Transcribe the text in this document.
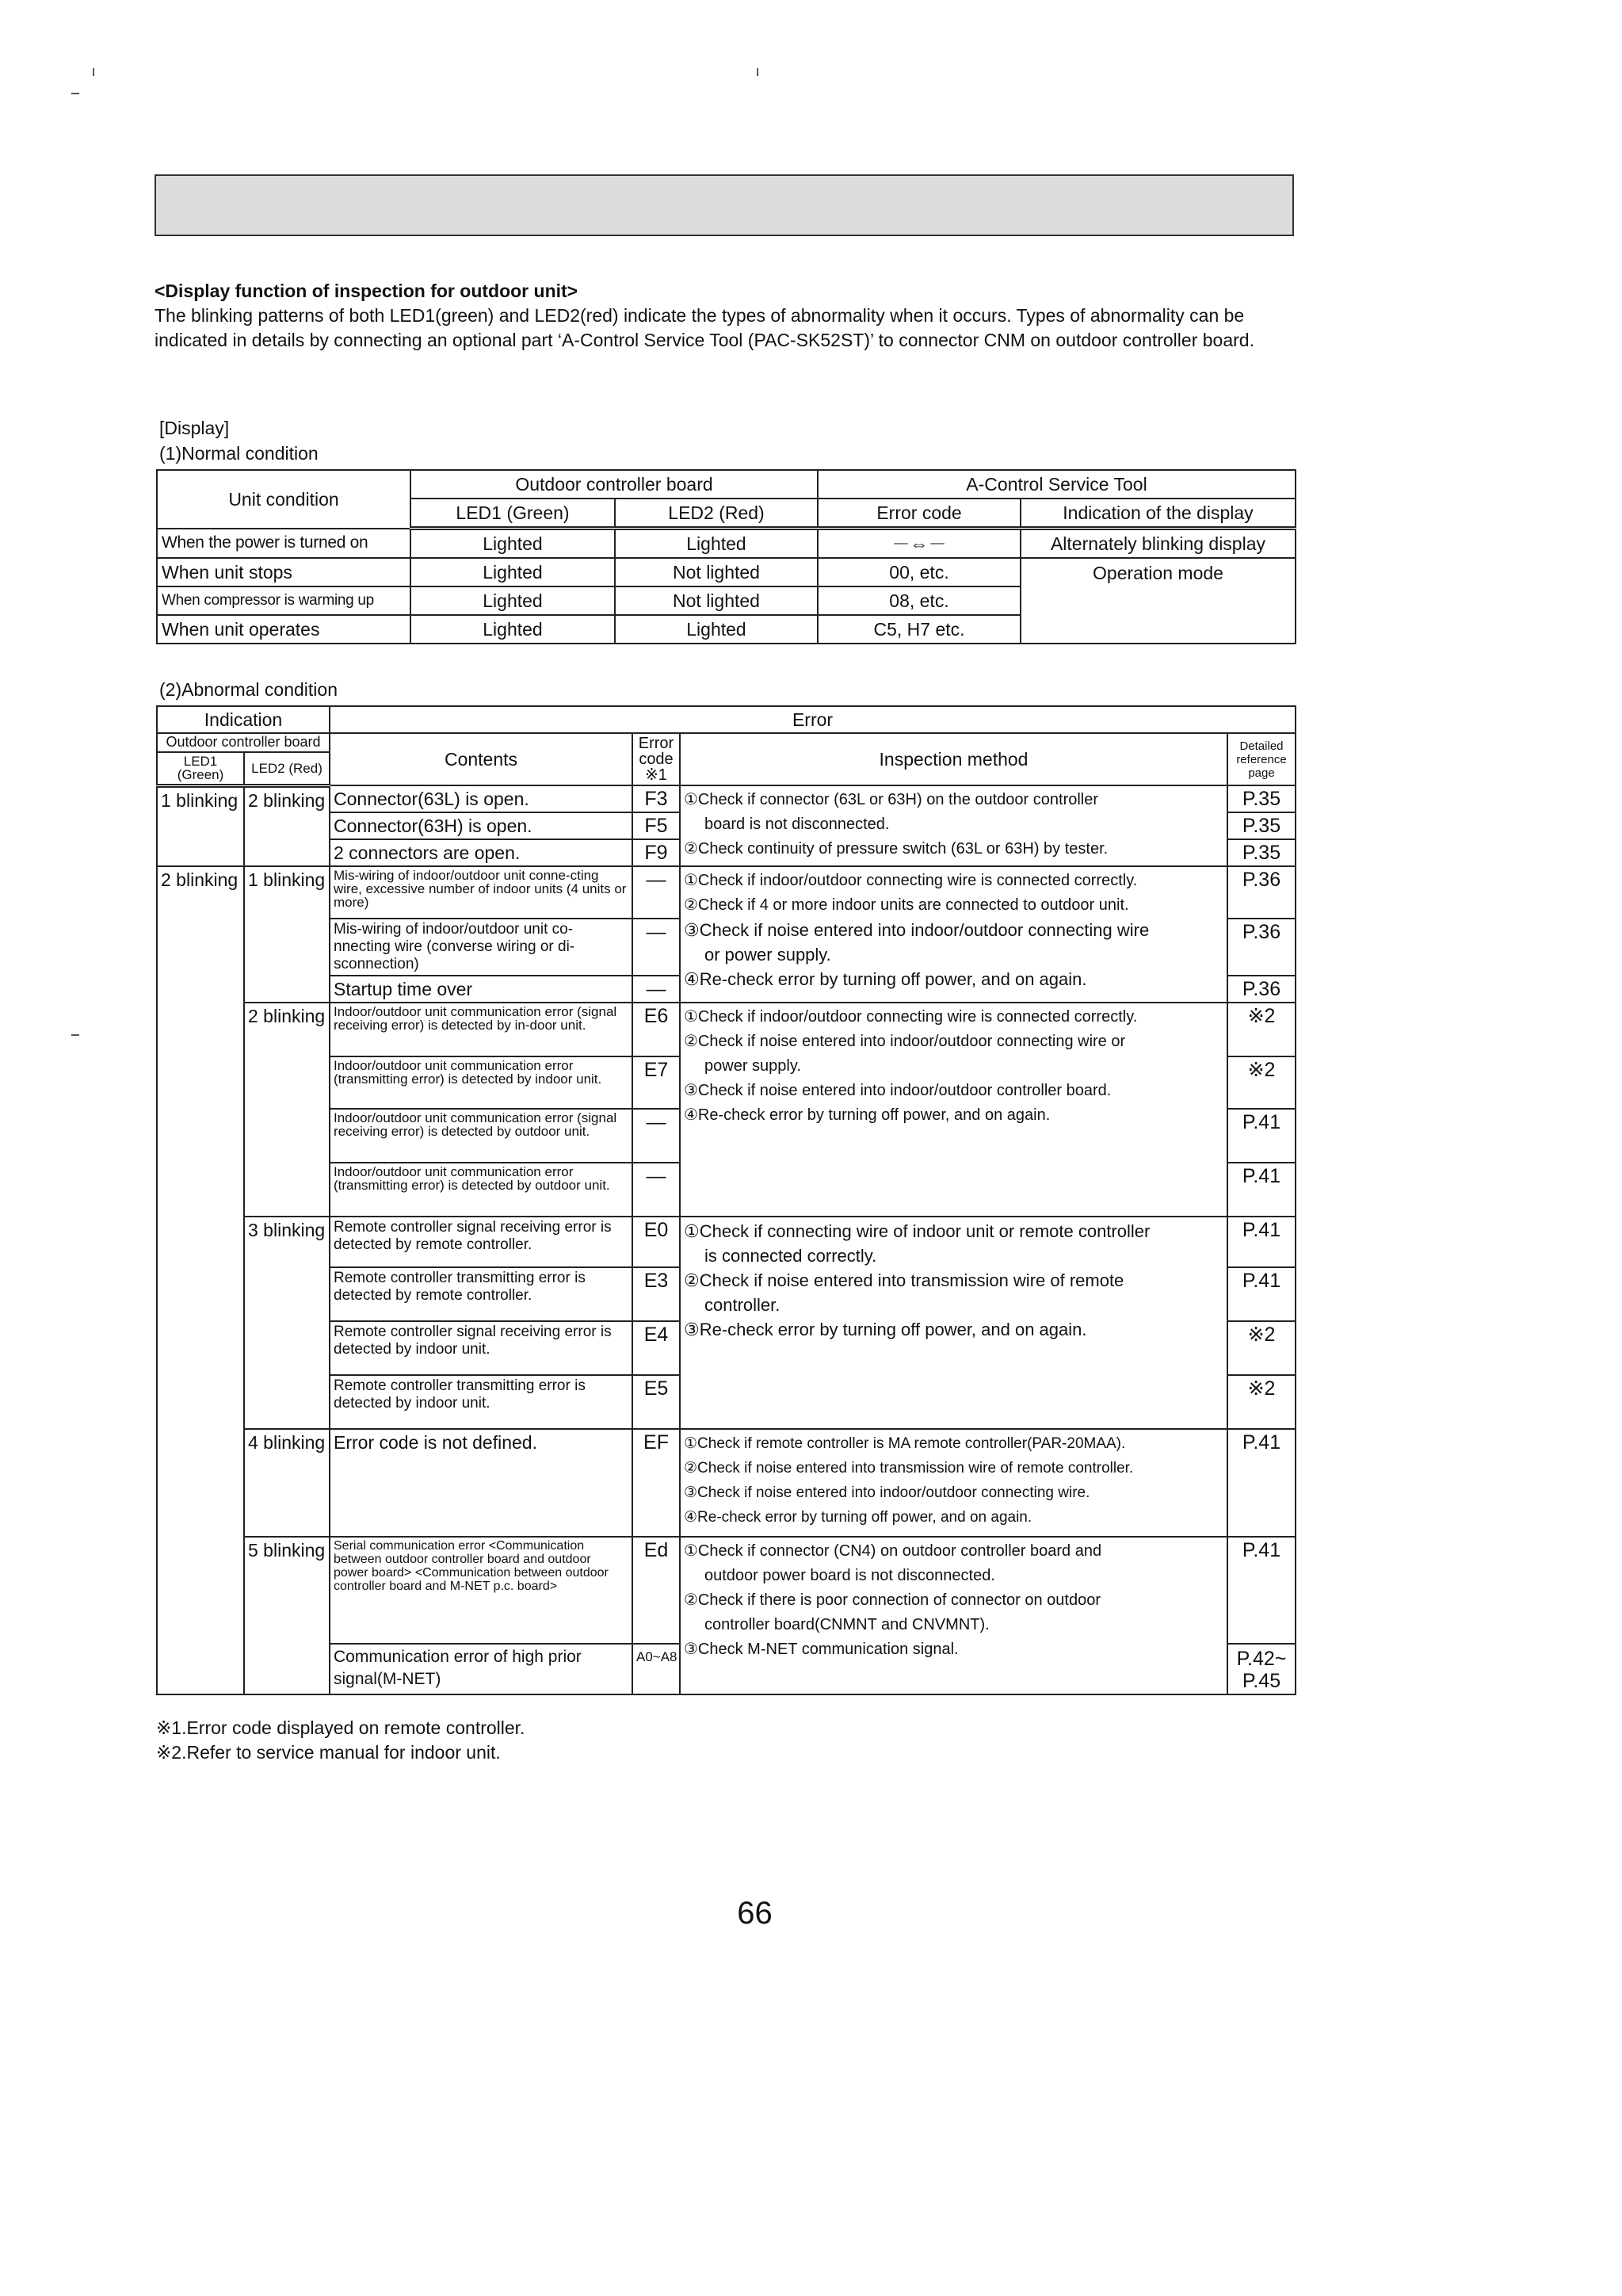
<Display function of inspection for outdoor unit>
The blinking patterns of both LED1(green) and LED2(red) indicate the types of abnormality when it occurs. Types of abnormality can be indicated in details by connecting an optional part ‘A-Control Service Tool (PAC-SK52ST)’ to connector CNM on outdoor controller board.
[Display]
(1)Normal condition
Unit condition	Outdoor controller board		A-Control Service Tool	
	LED1 (Green)	LED2 (Red)	Error code	Indication of the display
When the power is turned on	Lighted	Lighted	－⇔－	Alternately blinking display
When unit stops	Lighted	Not lighted	00, etc.	Operation mode
When compressor is warming up	Lighted	Not lighted	08, etc.	
When unit operates	Lighted	Lighted	C5, H7 etc.	
(2)Abnormal condition
Indication		Error			
Outdoor controller board		Contents	Error code ※1	Inspection method	Detailed reference page
LED1 (Green)	LED2 (Red)				
1 blinking	2 blinking	Connector(63L) is open.	F3	①Check if connector (63L or 63H) on the outdoor controller
board is not disconnected.
②Check continuity of pressure switch (63L or 63H) by tester.	P.35
		Connector(63H) is open.	F5		P.35
		2 connectors are open.	F9		P.35
2 blinking	1 blinking	Mis-wiring of indoor/outdoor unit conne-cting wire, excessive number of indoor units (4 units or more)	—	①Check if indoor/outdoor connecting wire is connected correctly.
②Check if 4 or more indoor units are connected to outdoor unit.
③Check if noise entered into indoor/outdoor connecting wire
or power supply.
④Re-check error by turning off power, and on again.	P.36
		Mis-wiring of indoor/outdoor unit co-nnecting wire (converse wiring or di-sconnection)	—		P.36
		Startup time over	—		P.36
	2 blinking	Indoor/outdoor unit communication error (signal receiving error) is detected by in-door unit.	E6	①Check if indoor/outdoor connecting wire is connected correctly.
②Check if noise entered into indoor/outdoor connecting wire or
power supply.
③Check if noise entered into indoor/outdoor controller board.
④Re-check error by turning off power, and on again.	※2
		Indoor/outdoor unit communication error (transmitting error) is detected by indoor unit.	E7		※2
		Indoor/outdoor unit communication error (signal receiving error) is detected by outdoor unit.	—		P.41
		Indoor/outdoor unit communication error (transmitting error) is detected by outdoor unit.	—		P.41
	3 blinking	Remote controller signal receiving error is detected by remote controller.	E0	①Check if connecting wire of indoor unit or remote controller
is connected correctly.
②Check if noise entered into transmission wire of remote
controller.
③Re-check error by turning off power, and on again.	P.41
		Remote controller transmitting error is detected by remote controller.	E3		P.41
		Remote controller signal receiving error is detected by indoor unit.	E4		※2
		Remote controller transmitting error is detected by indoor unit.	E5		※2
	4 blinking	Error code is not defined.	EF	①Check if remote controller is MA remote controller(PAR-20MAA).
②Check if noise entered into transmission wire of remote controller.
③Check if noise entered into indoor/outdoor connecting wire.
④Re-check error by turning off power, and on again.	P.41
	5 blinking	Serial communication error <Communication between outdoor controller board and outdoor power board> <Communication between outdoor controller board and M-NET p.c. board>	Ed	①Check if connector (CN4) on outdoor controller board and
outdoor power board is not disconnected.
②Check if there is poor connection of connector on outdoor
controller board(CNMNT and CNVMNT).
③Check M-NET communication signal.	P.41
		Communication error of high prior signal(M-NET)	A0~A8		P.42~ P.45
※1.Error code displayed on remote controller.
※2.Refer to service manual for indoor unit.
66
